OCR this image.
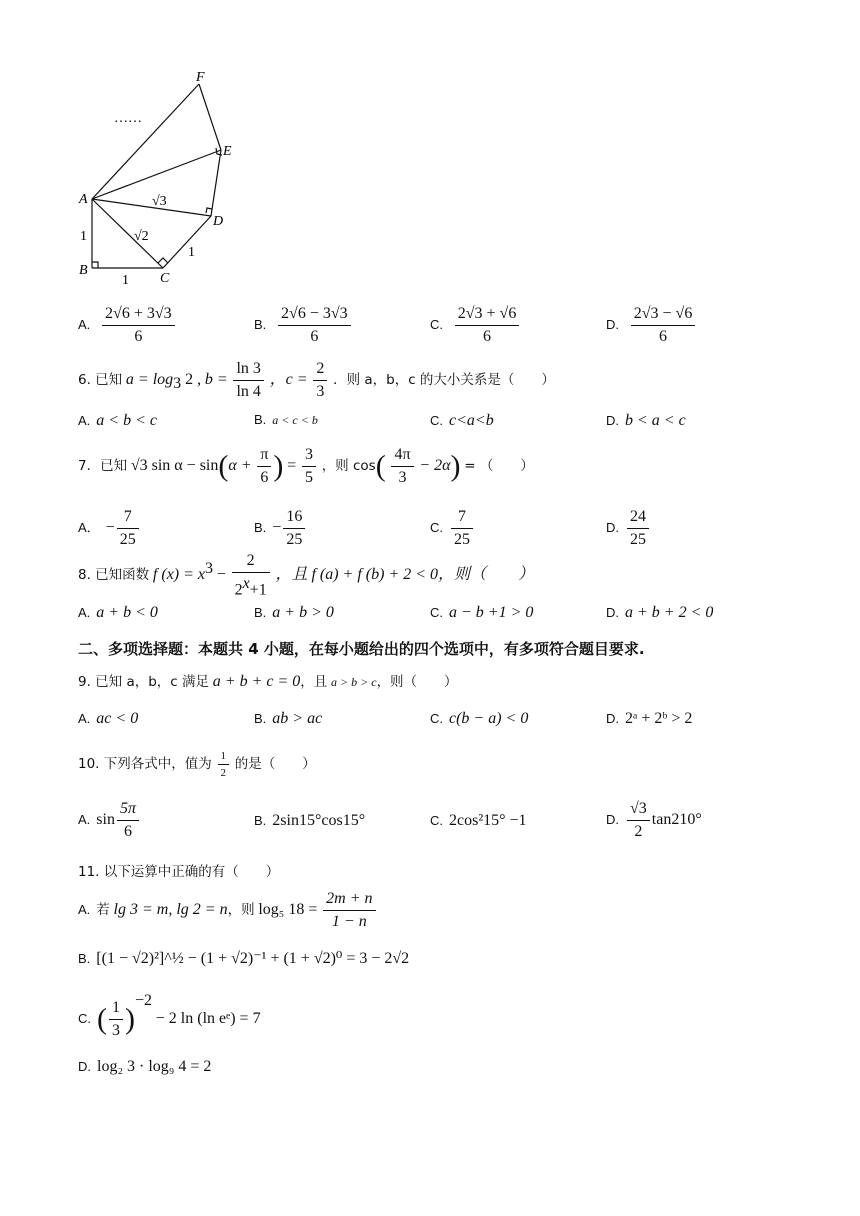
……
F
E
A
D
B
C
1
1
1
√2
√3
A. $\frac{2√6 + 3√3}{6}$	B. $\frac{2√6 - 3√3}{6}$	C. $\frac{2√3 + √6}{6}$	D. $\frac{2√3 - √6}{6}$
6. 已知 $a = \log_3 2$ , $b = \frac{\ln 3}{\ln 4}$ ，$c = \frac{2}{3}$ ．则 a，b，c 的大小关系是（　　）
A. a < b < c	B. a < c < b	C. c<a<b	D. b < a < c
7．已知 √3 $\sin \alpha - \sin(\alpha + \frac{\pi}{6}$ ) = $\frac{3}{5}$ ，则 $\cos( \frac{4\pi}{3} - 2\alpha)$ = （　　）
A． − $\frac{7}{25}$	B. − $\frac{16}{25}$	C. $\frac{7}{25}$	D. $\frac{24}{25}$
8. 已知函数 f $(x) = x^3 - \frac{2}{2^x+1}$ ，且 f (a) + f (b) + 2 < 0，则（　　）
A. a + b < 0	B. a + b > 0	C. a − b +1 > 0	D. a + b + 2 < 0
二、多项选择题：本题共 4 小题，在每小题给出的四个选项中，有多项符合题目要求.
9. 已知 a，b，c 满足 a + b + c = 0，且 a > b > c，则（　　）
A. ac < 0	B. ab > ac	C. c(b − a) < 0	D. 2ᵃ + 2ᵇ > 2
10. 下列各式中，值为 $\frac{1}{2}$ 的是（　　）
A. $\sin \frac{5\pi}{6}$	B. 2sin15°cos15°	C. 2cos²15° −1	D. $\frac{√3}{2} \tan 210^\circ$
11. 以下运算中正确的有（　　）
A. 若 lg 3 = m, lg 2 = n，则 log₅ $18 = \frac{2m + n}{1 - n}$
B. [(1 − √2)²]^½ − (1 + √2)⁻¹ + (1 + √2)⁰ = 3 − 2√2
C. ( $\frac{1}{3} )^{-2} - 2$ ln (ln eᵉ) = 7
D. log₂ 3 · log₉ 4 = 2
